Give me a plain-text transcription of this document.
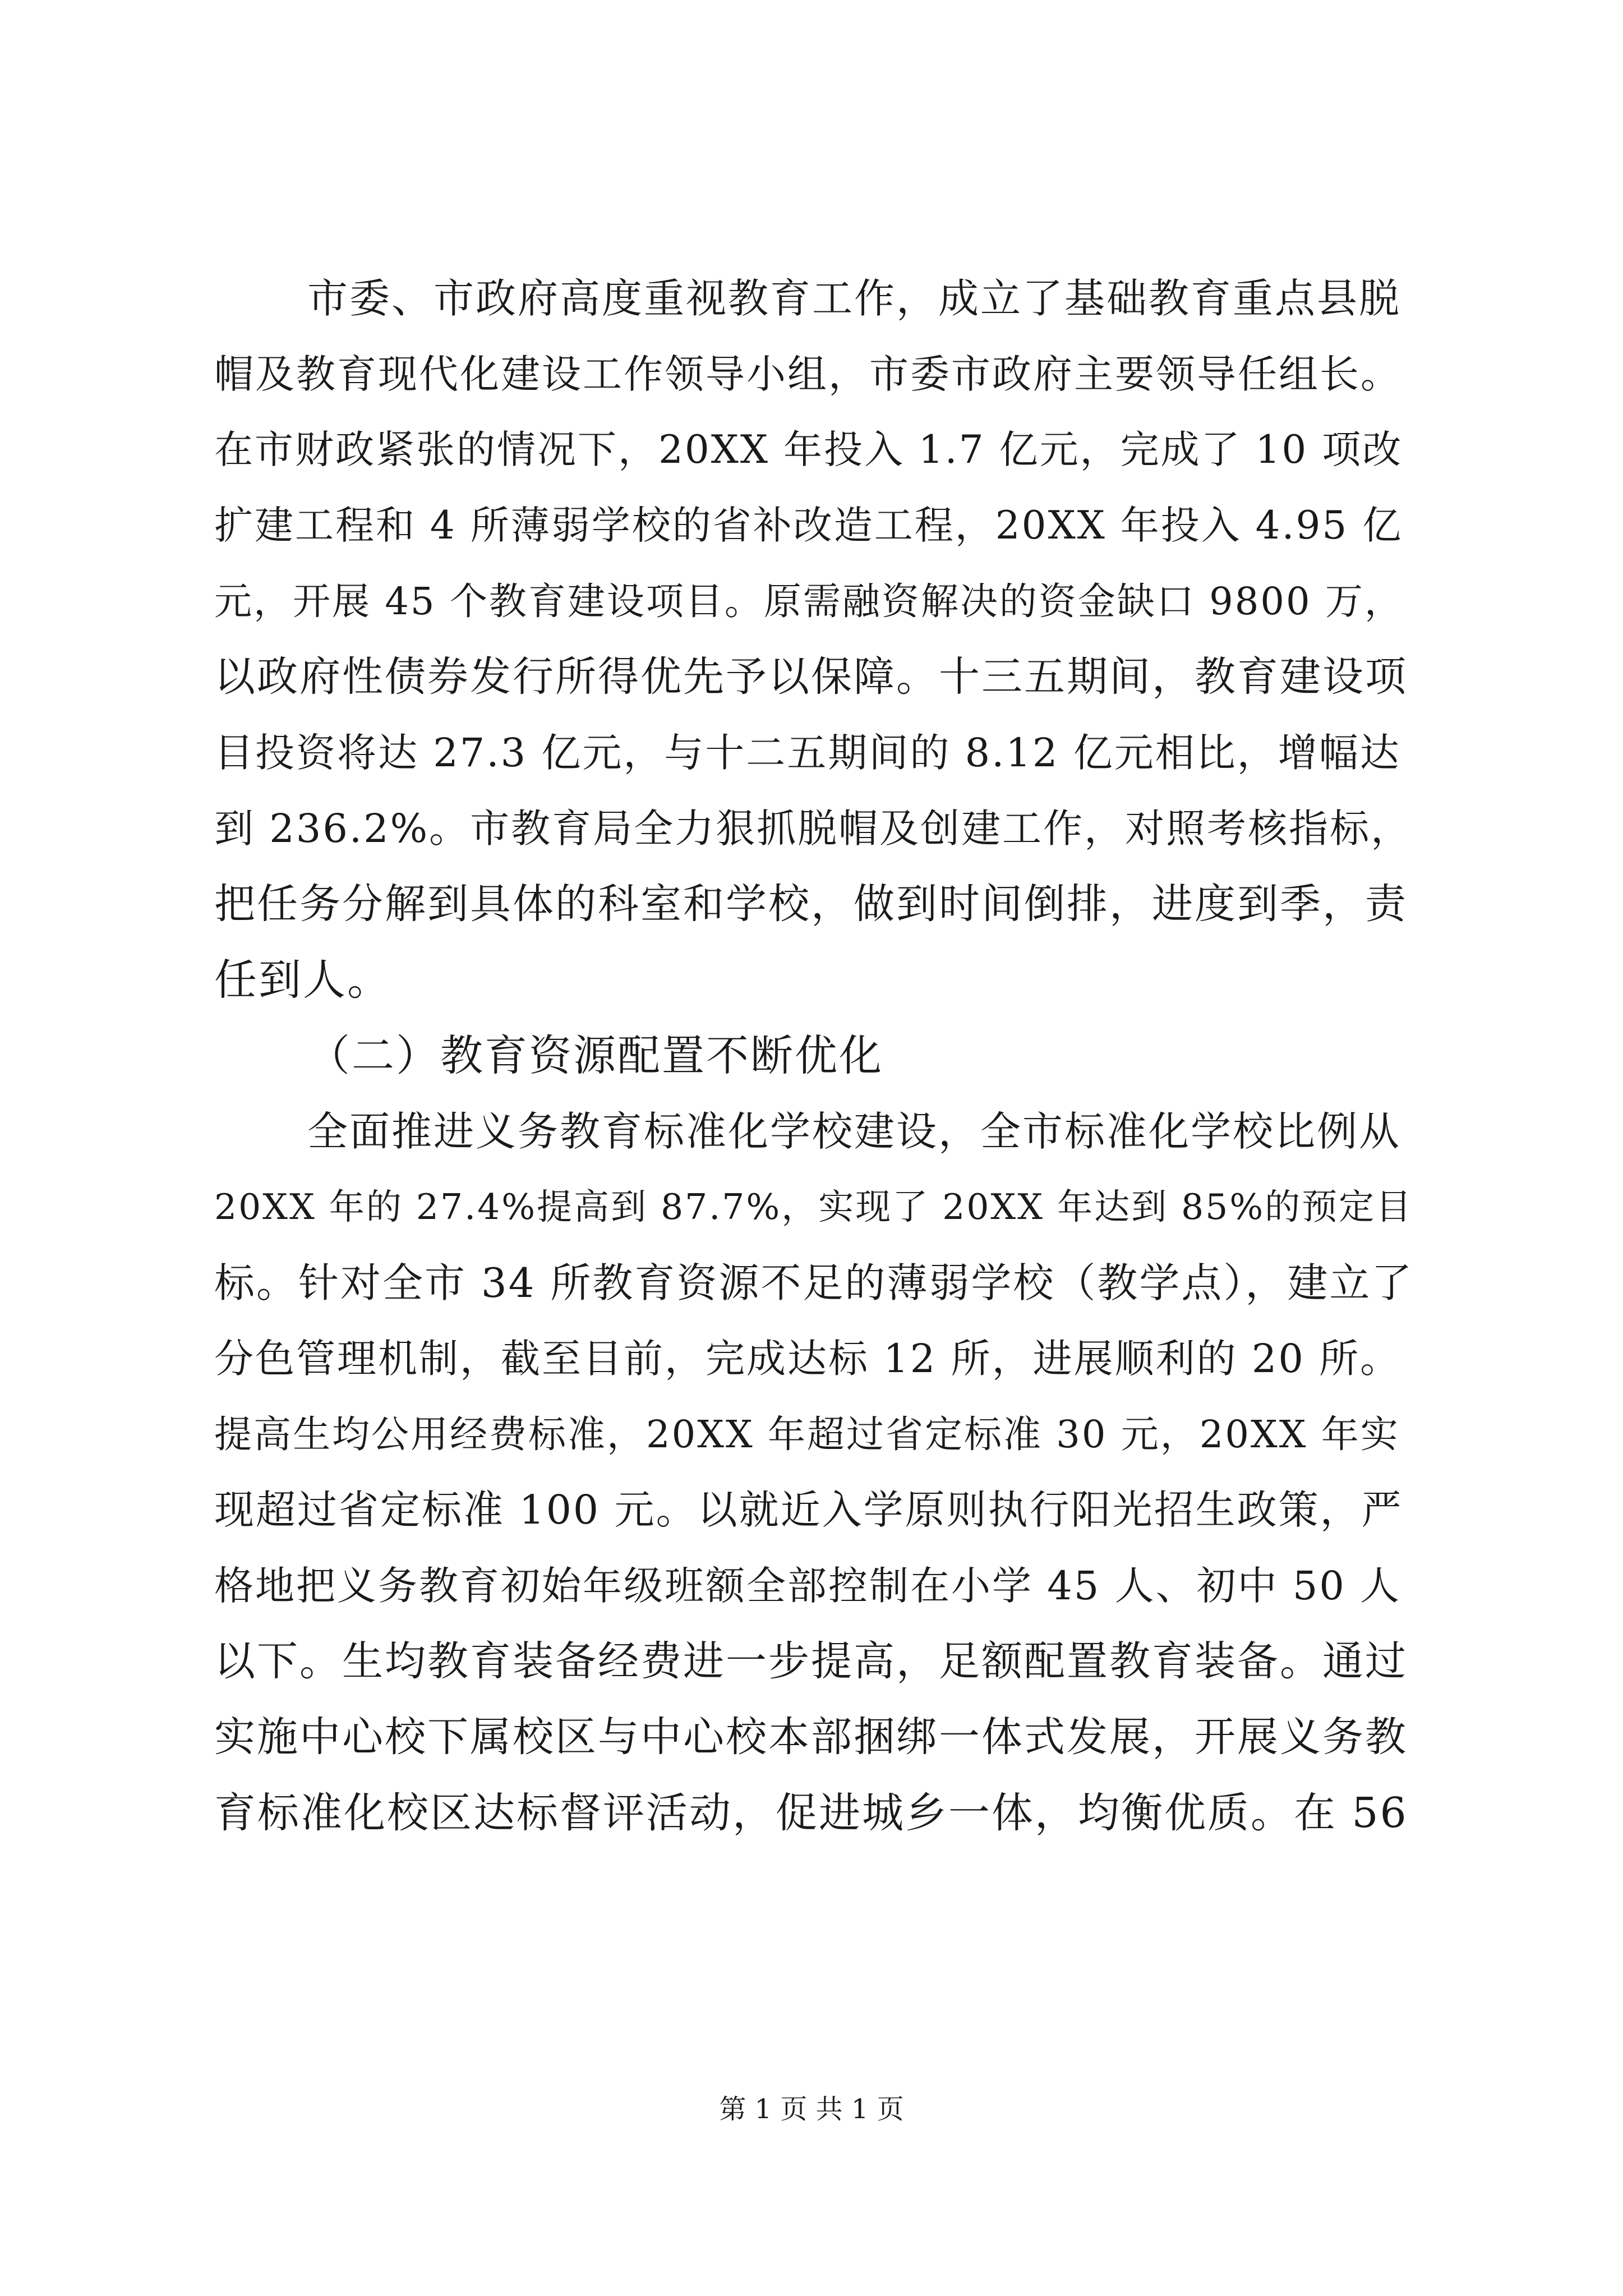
市委、市政府高度重视教育工作，成立了基础教育重点县脱
帽及教育现代化建设工作领导小组，市委市政府主要领导任组长。
在市财政紧张的情况下，20XX 年投入 1.7 亿元，完成了 10 项改
扩建工程和 4 所薄弱学校的省补改造工程，20XX 年投入 4.95 亿
元，开展 45 个教育建设项目。原需融资解决的资金缺口 9800 万，
以政府性债券发行所得优先予以保障。十三五期间，教育建设项
目投资将达 27.3 亿元，与十二五期间的 8.12 亿元相比，增幅达
到 236.2%。市教育局全力狠抓脱帽及创建工作，对照考核指标，
把任务分解到具体的科室和学校，做到时间倒排，进度到季，责
任到人。
（二）教育资源配置不断优化
全面推进义务教育标准化学校建设，全市标准化学校比例从
20XX 年的 27.4%提高到 87.7%，实现了 20XX 年达到 85%的预定目
标。针对全市 34 所教育资源不足的薄弱学校（教学点），建立了
分色管理机制，截至目前，完成达标 12 所，进展顺利的 20 所。
提高生均公用经费标准，20XX 年超过省定标准 30 元，20XX 年实
现超过省定标准 100 元。以就近入学原则执行阳光招生政策，严
格地把义务教育初始年级班额全部控制在小学 45 人、初中 50 人
以下。生均教育装备经费进一步提高，足额配置教育装备。通过
实施中心校下属校区与中心校本部捆绑一体式发展，开展义务教
育标准化校区达标督评活动，促进城乡一体，均衡优质。在 56
第 1 页 共 1 页
